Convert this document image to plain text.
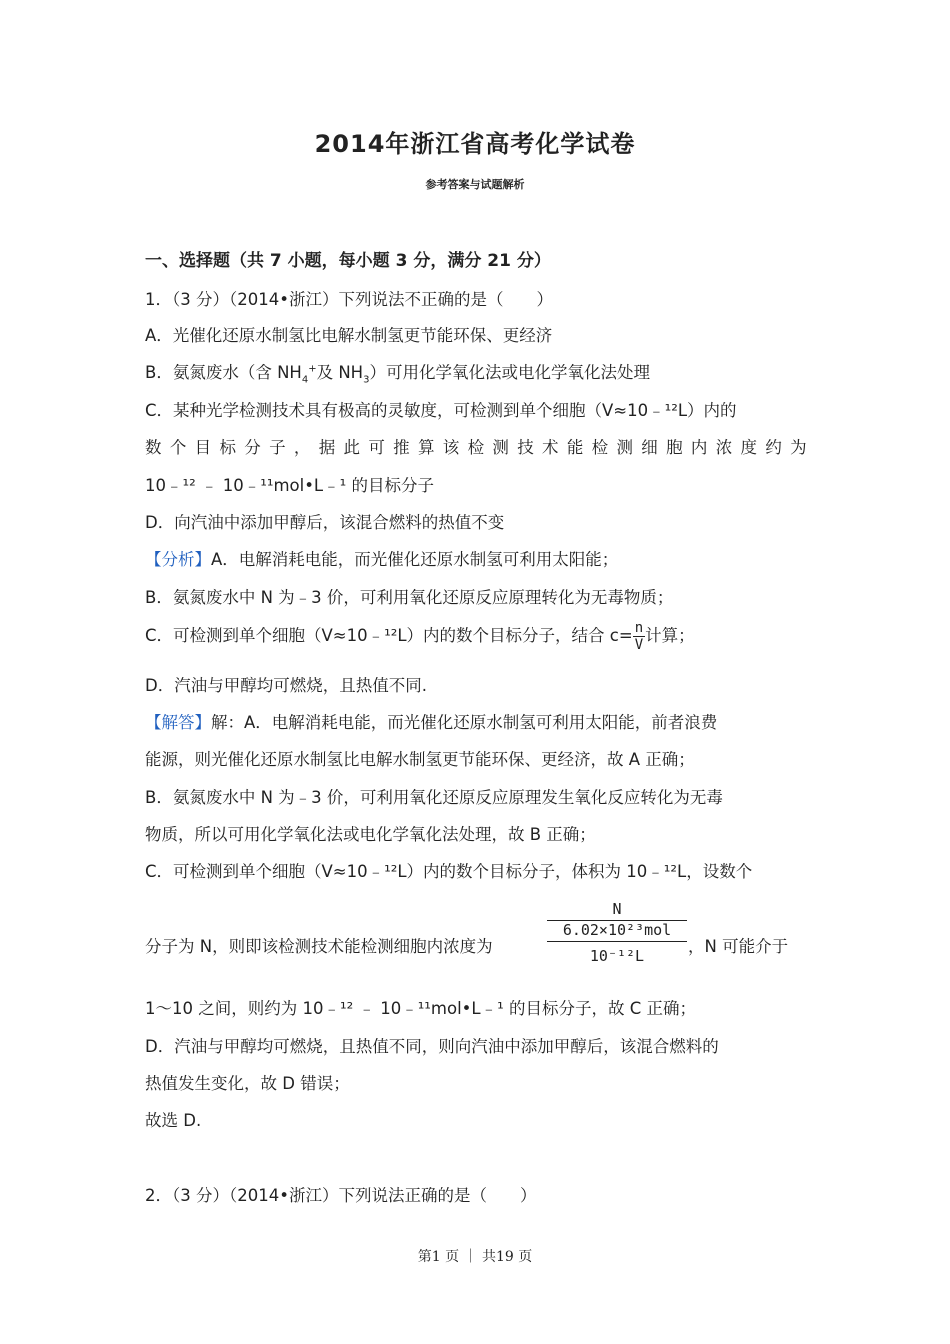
2014年浙江省高考化学试卷
参考答案与试题解析
一、选择题（共 7 小题，每小题 3 分，满分 21 分）
1．（3 分）（2014•浙江）下列说法不正确的是（　　）
A．光催化还原水制氢比电解水制氢更节能环保、更经济
B．氨氮废水（含 $NH_4^+$及 $NH_3$）可用化学氧化法或电化学氧化法处理
C．某种光学检测技术具有极高的灵敏度，可检测到单个细胞（V≈10﹣¹²L）内的
数 个 目 标 分 子 ， 据 此 可 推 算 该 检 测 技 术 能 检 测 细 胞 内 浓 度 约 为
10﹣¹² ﹣ 10﹣¹¹mol•L﹣¹ 的目标分子
D．向汽油中添加甲醇后，该混合燃料的热值不变
【分析】A．电解消耗电能，而光催化还原水制氢可利用太阳能；
B．氨氮废水中 N 为﹣3 价，可利用氧化还原反应原理转化为无毒物质；
C．可检测到单个细胞（V≈10﹣¹²L）内的数个目标分子，结合 $c= \frac{n}{V}$ 计算；
D．汽油与甲醇均可燃烧，且热值不同.
【解答】解：A．电解消耗电能，而光催化还原水制氢可利用太阳能，前者浪费
能源，则光催化还原水制氢比电解水制氢更节能环保、更经济，故 A 正确；
B．氨氮废水中 N 为﹣3 价，可利用氧化还原反应原理发生氧化反应转化为无毒
物质，所以可用化学氧化法或电化学氧化法处理，故 B 正确；
C．可检测到单个细胞（V≈10﹣¹²L）内的数个目标分子，体积为 10﹣¹²L，设数个
分子为 N，则即该检测技术能检测细胞内浓度为
N
6.02×10²³mol
10⁻¹²L	，N 可能介于
1～10 之间，则约为 10﹣¹² ﹣ 10﹣¹¹mol•L﹣¹ 的目标分子，故 C 正确；
D．汽油与甲醇均可燃烧，且热值不同，则向汽油中添加甲醇后，该混合燃料的
热值发生变化，故 D 错误；
故选 D.
2．（3 分）（2014•浙江）下列说法正确的是（　　）
第1 页 ｜ 共19 页
